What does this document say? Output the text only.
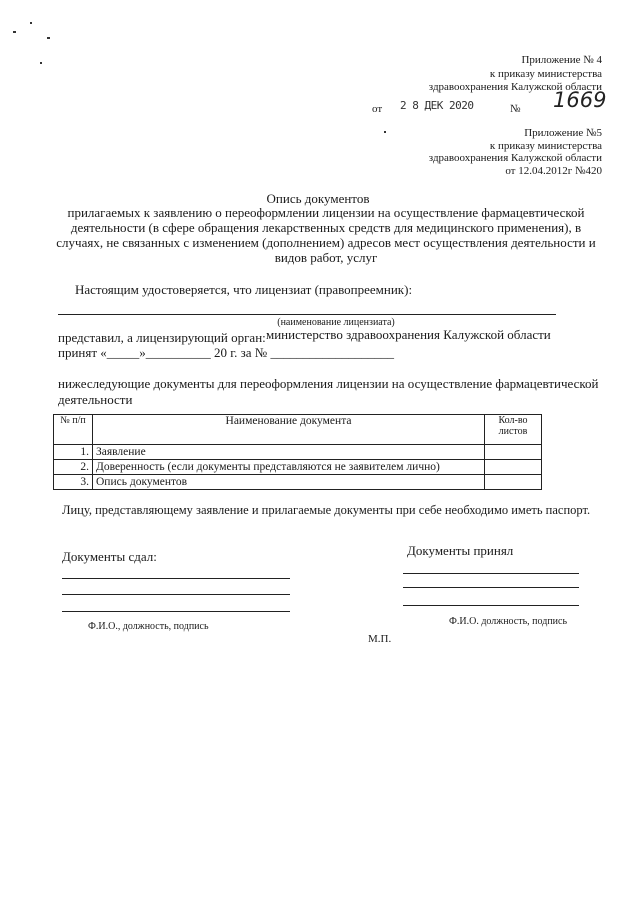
Приложение № 4
к приказу министерства
здравоохранения Калужской области
от 2 8 ДЕК 2020	№ 1669
Приложение №5
к приказу министерства
здравоохранения Калужской области
от 12.04.2012г №420
Опись документов
прилагаемых к заявлению о переоформлении лицензии на осуществление фармацевтической
деятельности (в сфере обращения лекарственных средств для медицинского применения), в
случаях, не связанных с изменением (дополнением) адресов мест осуществления деятельности и
видов работ, услуг
Настоящим удостоверяется, что лицензиат (правопреемник):
(наименование лицензиата)
представил, а лицензирующий орган: министерство здравоохранения Калужской области
принят «_____»__________ 20 г. за № ___________________
нижеследующие документы для переоформления лицензии на осуществление фармацевтической
деятельности
№ п/п	Наименование документа	Кол-во листов
1.	Заявление	
2.	Доверенность (если документы представляются не заявителем лично)	
3.	Опись документов	
Лицу, представляющему заявление и прилагаемые документы при себе необходимо иметь паспорт.
Документы сдал:
Ф.И.О., должность, подпись
Документы принял
Ф.И.О. должность, подпись
М.П.
